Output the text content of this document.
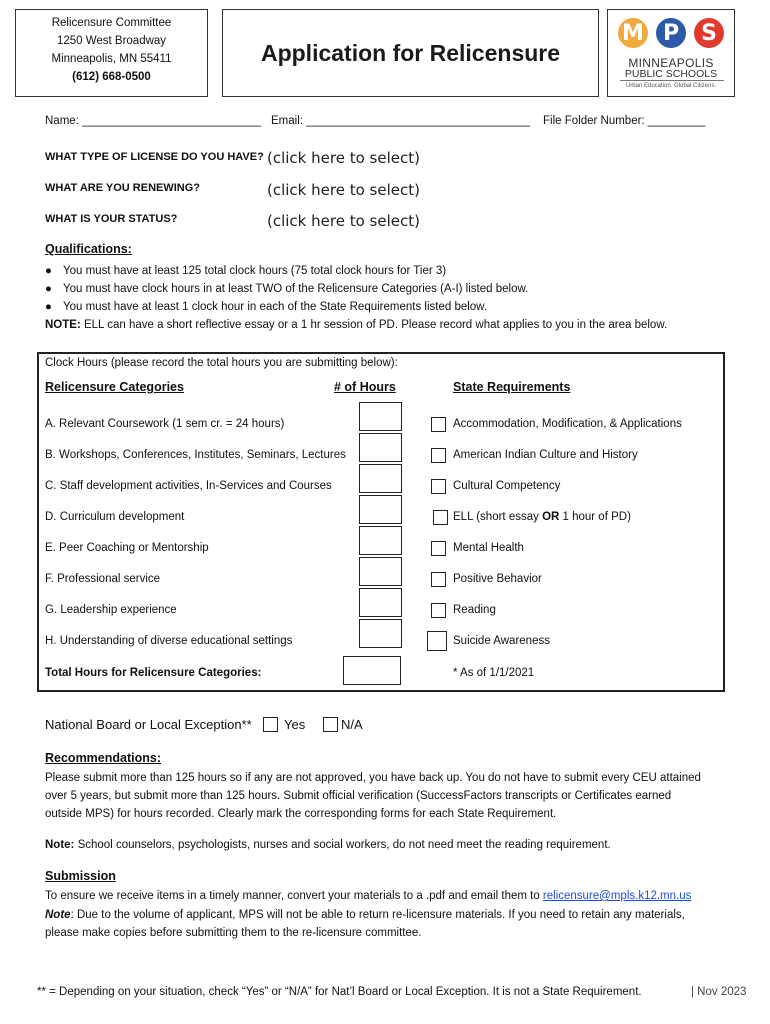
Relicensure Committee
1250 West Broadway
Minneapolis, MN 55411
(612) 668-0500
Application for Relicensure
M P	S
MINNEAPOLIS
PUBLIC SCHOOLS
Urban Education. Global Citizens.
Name: ____________________________ Email: ___________________________________ File Folder Number: _________
WHAT TYPE OF LICENSE DO YOU HAVE? (click here to select)
WHAT ARE YOU RENEWING?	(click here to select)
WHAT IS YOUR STATUS?	(click here to select)
Qualifications:
● You must have at least 125 total clock hours (75 total clock hours for Tier 3)
● You must have clock hours in at least TWO of the Relicensure Categories (A-I) listed below.
● You must have at least 1 clock hour in each of the State Requirements listed below.
NOTE: ELL can have a short reflective essay or a 1 hr session of PD. Please record what applies to you in the area below.
Clock Hours (please record the total hours you are submitting below):
Relicensure Categories	# of Hours	State Requirements
A. Relevant Coursework (1 sem cr. = 24 hours)	Accommodation, Modification, & Applications
B. Workshops, Conferences, Institutes, Seminars, Lectures	American Indian Culture and History
C. Staff development activities, In-Services and Courses	Cultural Competency
D. Curriculum development	ELL (short essay OR 1 hour of PD)
E. Peer Coaching or Mentorship	Mental Health
F. Professional service	Positive Behavior
G. Leadership experience	Reading
H. Understanding of diverse educational settings	Suicide Awareness
Total Hours for Relicensure Categories:	* As of 1/1/2021
National Board or Local Exception** Yes	N/A
Recommendations:
Please submit more than 125 hours so if any are not approved, you have back up. You do not have to submit every CEU attained
over 5 years, but submit more than 125 hours. Submit official verification (SuccessFactors transcripts or Certificates earned
outside MPS) for hours recorded. Clearly mark the corresponding forms for each State Requirement.
Note: School counselors, psychologists, nurses and social workers, do not need meet the reading requirement.
Submission
To ensure we receive items in a timely manner, convert your materials to a .pdf and email them to relicensure@mpls.k12.mn.us
Note: Due to the volume of applicant, MPS will not be able to return re-licensure materials. If you need to retain any materials,
please make copies before submitting them to the re-licensure committee.
** = Depending on your situation, check “Yes” or “N/A” for Nat’l Board or Local Exception. It is not a State Requirement.	| Nov 2023
